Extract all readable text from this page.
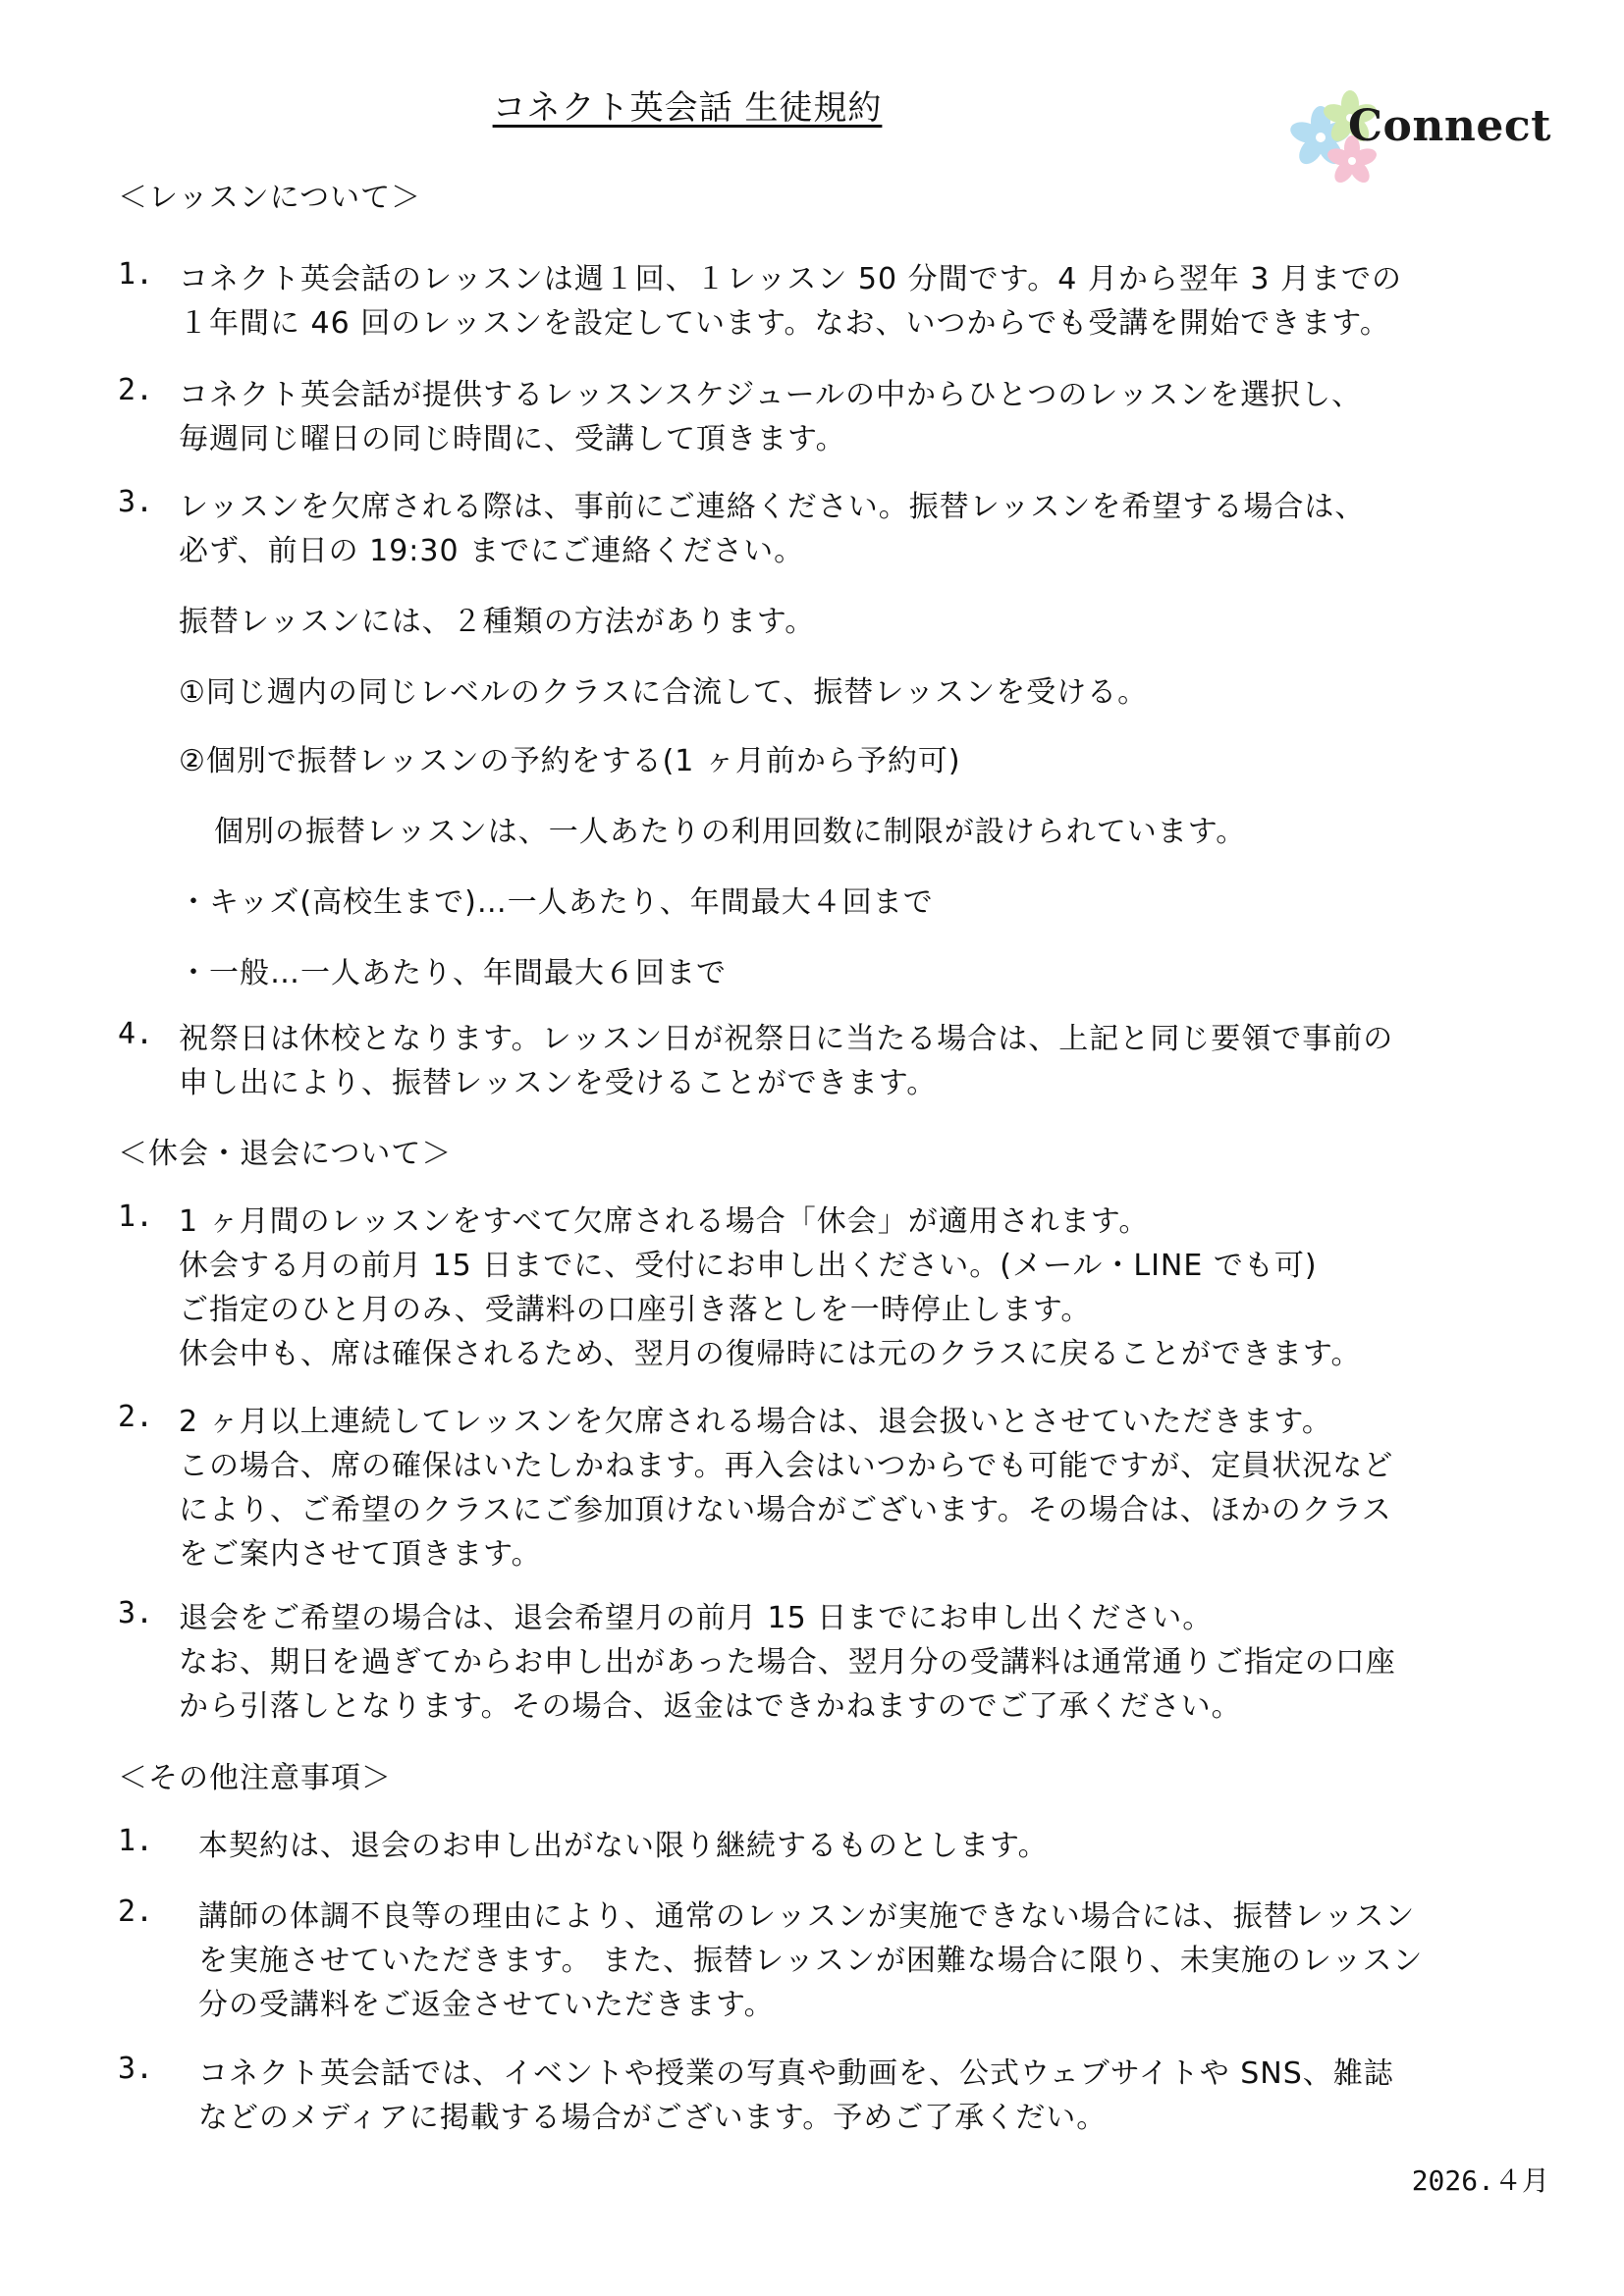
コネクト英会話 生徒規約	Connect
＜レッスンについて＞
1. コネクト英会話のレッスンは週１回、１レッスン 50 分間です。4 月から翌年 3 月までの
１年間に 46 回のレッスンを設定しています。なお、いつからでも受講を開始できます。
2. コネクト英会話が提供するレッスンスケジュールの中からひとつのレッスンを選択し、
毎週同じ曜日の同じ時間に、受講して頂きます。
3. レッスンを欠席される際は、事前にご連絡ください。振替レッスンを希望する場合は、
必ず、前日の 19:30 までにご連絡ください。
振替レッスンには、２種類の方法があります。
①同じ週内の同じレベルのクラスに合流して、振替レッスンを受ける。
②個別で振替レッスンの予約をする(1 ヶ月前から予約可)
個別の振替レッスンは、一人あたりの利用回数に制限が設けられています。
・キッズ(高校生まで)…一人あたり、年間最大４回まで
・一般…一人あたり、年間最大６回まで
4. 祝祭日は休校となります。レッスン日が祝祭日に当たる場合は、上記と同じ要領で事前の
申し出により、振替レッスンを受けることができます。
＜休会・退会について＞
1. 1 ヶ月間のレッスンをすべて欠席される場合「休会」が適用されます。
休会する月の前月 15 日までに、受付にお申し出ください。(メール・LINE でも可)
ご指定のひと月のみ、受講料の口座引き落としを一時停止します。
休会中も、席は確保されるため、翌月の復帰時には元のクラスに戻ることができます。
2. 2 ヶ月以上連続してレッスンを欠席される場合は、退会扱いとさせていただきます。
この場合、席の確保はいたしかねます。再入会はいつからでも可能ですが、定員状況など
により、ご希望のクラスにご参加頂けない場合がございます。その場合は、ほかのクラス
をご案内させて頂きます。
3. 退会をご希望の場合は、退会希望月の前月 15 日までにお申し出ください。
なお、期日を過ぎてからお申し出があった場合、翌月分の受講料は通常通りご指定の口座
から引落しとなります。その場合、返金はできかねますのでご了承ください。
＜その他注意事項＞
1. 本契約は、退会のお申し出がない限り継続するものとします。
2. 講師の体調不良等の理由により、通常のレッスンが実施できない場合には、振替レッスン
を実施させていただきます。 また、振替レッスンが困難な場合に限り、未実施のレッスン
分の受講料をご返金させていただきます。
3. コネクト英会話では、イベントや授業の写真や動画を、公式ウェブサイトや SNS、雑誌
などのメディアに掲載する場合がございます。予めご了承くだい。
2026.４月
